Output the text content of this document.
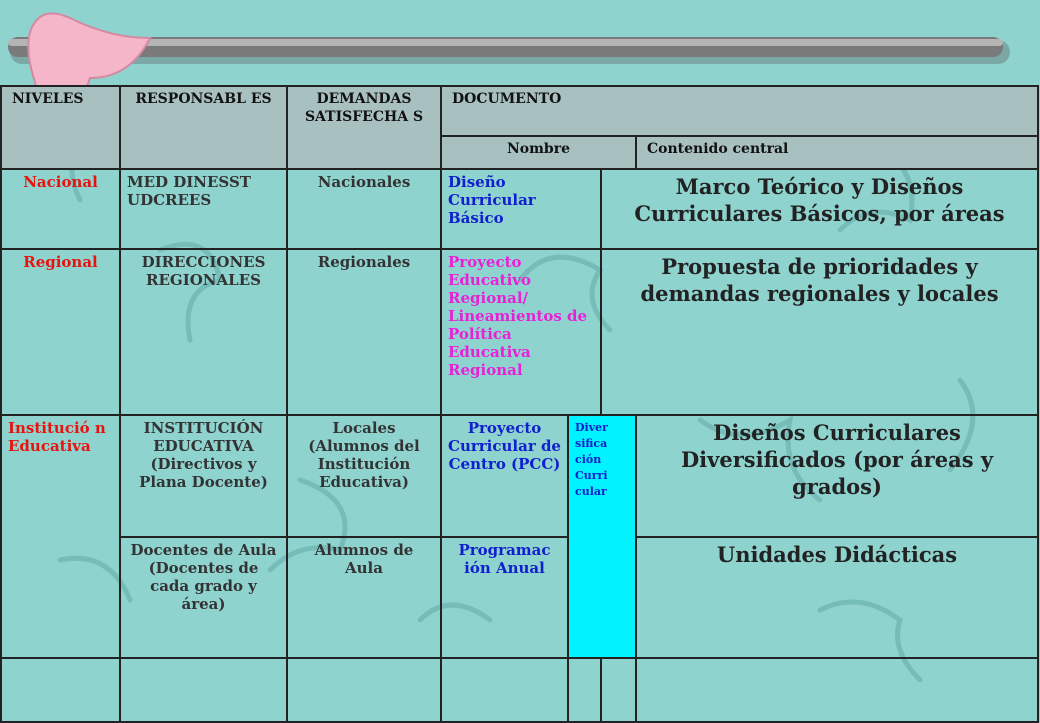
NIVELES	RESPONSABL ES	DEMANDAS SATISFECHA S	DOCUMENTO			
			Nombre			Contenido central
Nacional	MED DINESST UDCREES	Nacionales	Diseño Curricular Básico		Marco Teórico y Diseños Curriculares Básicos, por áreas	
Regional	DIRECCIONES REGIONALES	Regionales	Proyecto Educativo Regional/ Lineamientos de Política Educativa Regional		Propuesta de prioridades y demandas regionales y locales	
Institució n Educativa	INSTITUCIÓN EDUCATIVA (Directivos y Plana Docente)	Locales (Alumnos del Institución Educativa)	Proyecto Curricular de Centro (PCC)	Diver sifica ción Curri cular		Diseños Curriculares Diversificados (por áreas y grados)
	Docentes de Aula (Docentes de cada grado y área)	Alumnos de Aula	Programac ión Anual			Unidades Didácticas
